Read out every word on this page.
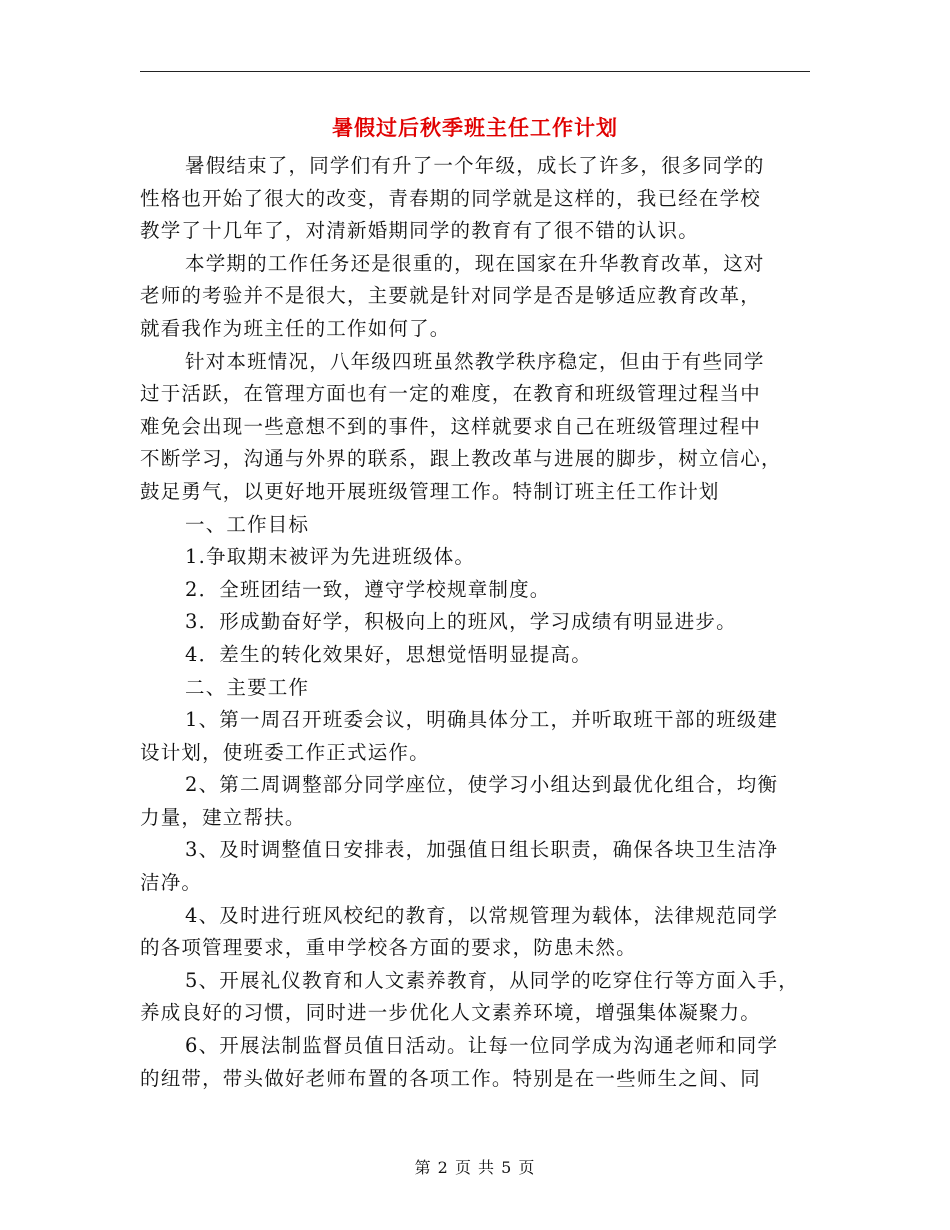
暑假过后秋季班主任工作计划
暑假结束了，同学们有升了一个年级，成长了许多，很多同学的
性格也开始了很大的改变，青春期的同学就是这样的，我已经在学校
教学了十几年了，对清新婚期同学的教育有了很不错的认识。
本学期的工作任务还是很重的，现在国家在升华教育改革，这对
老师的考验并不是很大，主要就是针对同学是否是够适应教育改革，
就看我作为班主任的工作如何了。
针对本班情况，八年级四班虽然教学秩序稳定，但由于有些同学
过于活跃，在管理方面也有一定的难度，在教育和班级管理过程当中
难免会出现一些意想不到的事件，这样就要求自己在班级管理过程中
不断学习，沟通与外界的联系，跟上教改革与进展的脚步，树立信心，
鼓足勇气，以更好地开展班级管理工作。特制订班主任工作计划
一、工作目标
1.争取期末被评为先进班级体。
2．全班团结一致，遵守学校规章制度。
3．形成勤奋好学，积极向上的班风，学习成绩有明显进步。
4．差生的转化效果好，思想觉悟明显提高。
二、主要工作
1、第一周召开班委会议，明确具体分工，并听取班干部的班级建
设计划，使班委工作正式运作。
2、第二周调整部分同学座位，使学习小组达到最优化组合，均衡
力量，建立帮扶。
3、及时调整值日安排表，加强值日组长职责，确保各块卫生洁净
洁净。
4、及时进行班风校纪的教育，以常规管理为载体，法律规范同学
的各项管理要求，重申学校各方面的要求，防患未然。
5、开展礼仪教育和人文素养教育，从同学的吃穿住行等方面入手，
养成良好的习惯，同时进一步优化人文素养环境，增强集体凝聚力。
6、开展法制监督员值日活动。让每一位同学成为沟通老师和同学
的纽带，带头做好老师布置的各项工作。特别是在一些师生之间、同
第 2 页 共 5 页
